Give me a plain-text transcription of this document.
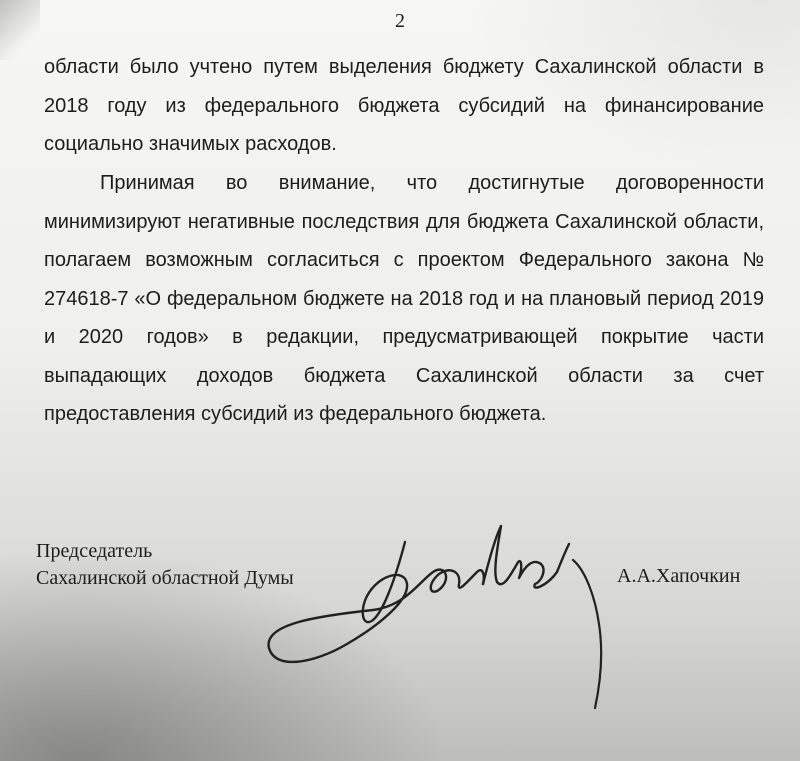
2
области было учтено путем выделения бюджету Сахалинской области в 2018 году из федерального бюджета субсидий на финансирование социально значимых расходов.
Принимая во внимание, что достигнутые договоренности минимизируют негативные последствия для бюджета Сахалинской области, полагаем возможным согласиться с проектом Федерального закона № 274618-7 «О федеральном бюджете на 2018 год и на плановый период 2019 и 2020 годов» в редакции, предусматривающей покрытие части выпадающих доходов бюджета Сахалинской области за счет предоставления субсидий из федерального бюджета.
Председатель
Сахалинской областной Думы	А.А.Хапочкин
